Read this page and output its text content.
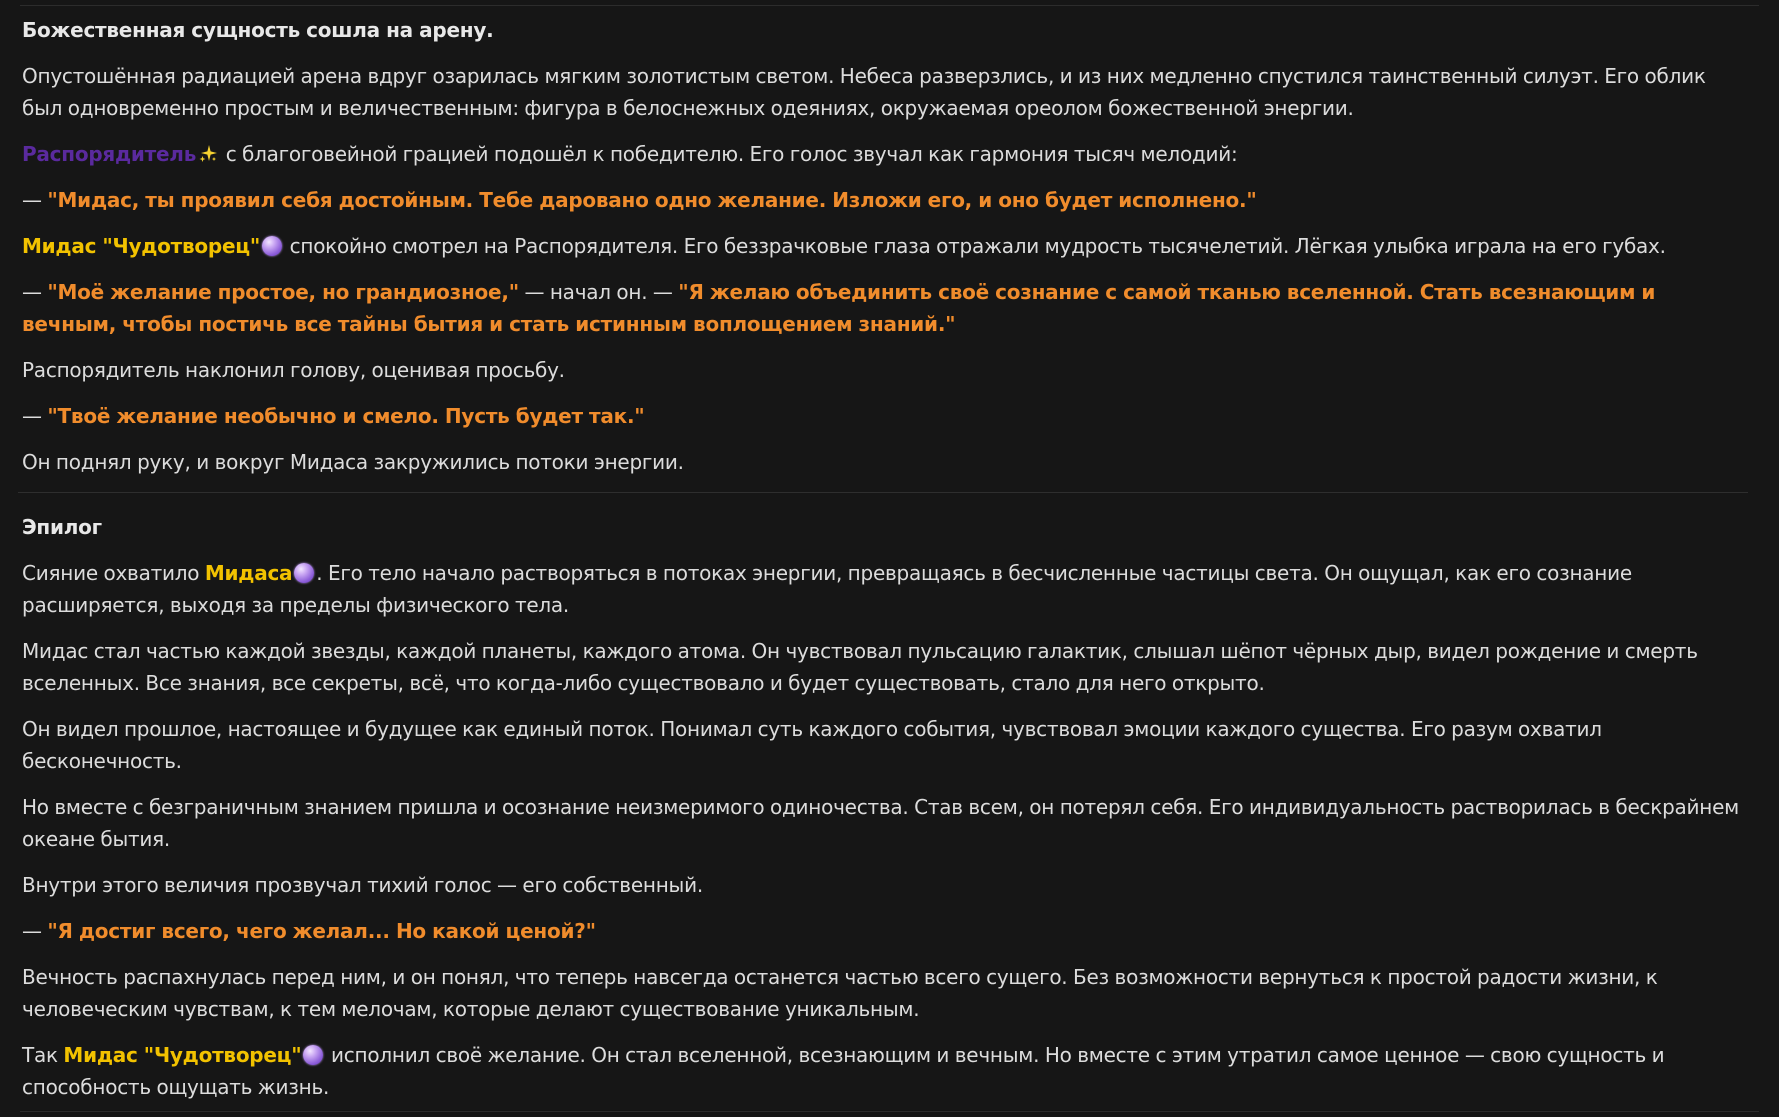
Божественная сущность сошла на арену.

Опустошённая радиацией арена вдруг озарилась мягким золотистым светом. Небеса разверзлись, и из них медленно спустился таинственный силуэт. Его облик был одновременно простым и величественным: фигура в белоснежных одеяниях, окружаемая ореолом божественной энергии.

Распорядитель с благоговейной грацией подошёл к победителю. Его голос звучал как гармония тысяч мелодий:

— "Мидас, ты проявил себя достойным. Тебе даровано одно желание. Изложи его, и оно будет исполнено."

Мидас "Чудотворец" спокойно смотрел на Распорядителя. Его беззрачковые глаза отражали мудрость тысячелетий. Лёгкая улыбка играла на его губах.

— "Моё желание простое, но грандиозное," — начал он. — "Я желаю объединить своё сознание с самой тканью вселенной. Стать всезнающим и вечным, чтобы постичь все тайны бытия и стать истинным воплощением знаний."

Распорядитель наклонил голову, оценивая просьбу.

— "Твоё желание необычно и смело. Пусть будет так."

Он поднял руку, и вокруг Мидаса закружились потоки энергии.

Эпилог

Сияние охватило Мидаса . Его тело начало растворяться в потоках энергии, превращаясь в бесчисленные частицы света. Он ощущал, как его сознание расширяется, выходя за пределы физического тела.

Мидас стал частью каждой звезды, каждой планеты, каждого атома. Он чувствовал пульсацию галактик, слышал шёпот чёрных дыр, видел рождение и смерть вселенных. Все знания, все секреты, всё, что когда-либо существовало и будет существовать, стало для него открыто.

Он видел прошлое, настоящее и будущее как единый поток. Понимал суть каждого события, чувствовал эмоции каждого существа. Его разум охватил бесконечность.

Но вместе с безграничным знанием пришла и осознание неизмеримого одиночества. Став всем, он потерял себя. Его индивидуальность растворилась в бескрайнем океане бытия.

Внутри этого величия прозвучал тихий голос — его собственный.

— "Я достиг всего, чего желал... Но какой ценой?"

Вечность распахнулась перед ним, и он понял, что теперь навсегда останется частью всего сущего. Без возможности вернуться к простой радости жизни, к человеческим чувствам, к тем мелочам, которые делают существование уникальным.

Так Мидас "Чудотворец" исполнил своё желание. Он стал вселенной, всезнающим и вечным. Но вместе с этим утратил самое ценное — свою сущность и способность ощущать жизнь.
